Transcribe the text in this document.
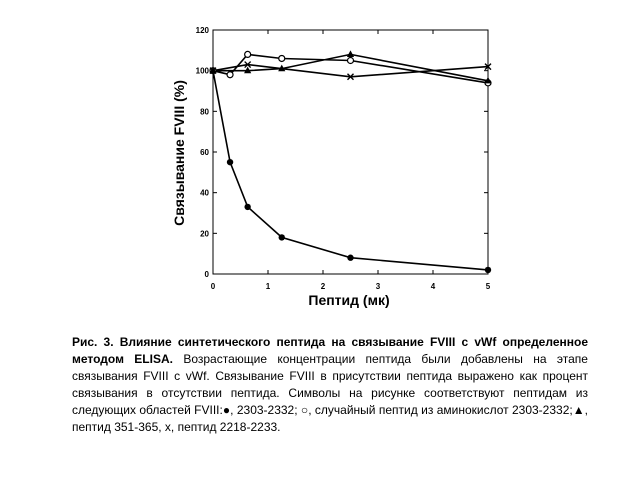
0
20
40
60
80
100
120
0	1	2	3	4	5
Пептид (мк)
Связывание FVIII (%)
Рис. 3. Влияние синтетического пептида на связывание FVIII с vWf определенное методом ELISA. Возрастающие концентрации пептида были добавлены на этапе связывания FVIII с vWf. Связывание FVIII в присутствии пептида выражено как процент связывания в отсутствии пептида. Символы на рисунке соответствуют пептидам из следующих областей FVIII:●, 2303-2332; ○, случайный пептид из аминокислот 2303-2332;▲, пептид 351-365, x, пептид 2218-2233.
